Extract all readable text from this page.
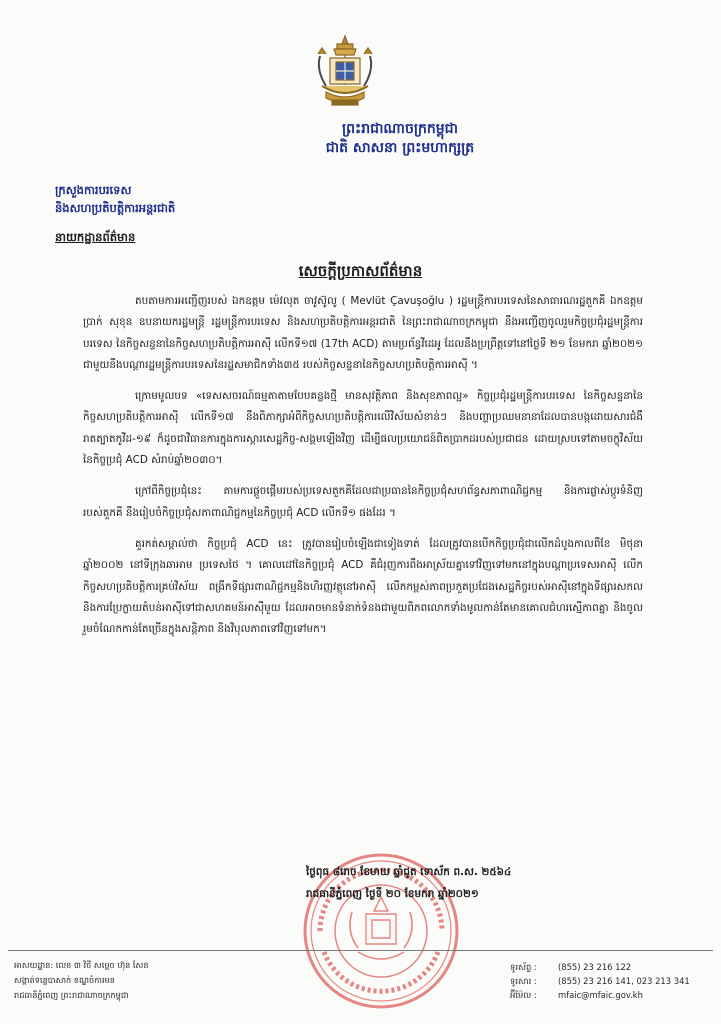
ព្រះរាជាណាចក្រកម្ពុជា
ជាតិ សាសនា ព្រះមហាក្សត្រ
ក្រសួងការបរទេស
និងសហប្រតិបត្តិការអន្តរជាតិ
នាយកដ្ឋានព័ត៌មាន
សេចក្ដីប្រកាសព័ត៌មាន

តបតាមការអញ្ជើញរបស់ ឯកឧត្តម ម៉េវលុត ចាវូស៊ូលូ ( Mevlüt Çavuşoğlu ) រដ្ឋមន្ត្រីការបរទេសនៃសាធារណរដ្ឋតួកគី ឯកឧត្តម ប្រាក់ សុខុន ឧបនាយករដ្ឋមន្ត្រី រដ្ឋមន្ត្រីការបរទេស និងសហប្រតិបត្តិការអន្តរជាតិ នៃព្រះរាជាណាចក្រកម្ពុជា នឹងអញ្ជើញចូលរួមកិច្ចប្រជុំរដ្ឋមន្ត្រីការបរទេស នៃកិច្ចសន្ទនានៃកិច្ចសហប្រតិបត្តិការអាស៊ី លើកទី១៧ (17th ACD) តាមប្រព័ន្ធវីដេអូ ដែលនឹងប្រព្រឹត្តទៅនៅថ្ងៃទី ២១ ខែមករា ឆ្នាំ២០២១ ជាមួយនឹងបណ្ដារដ្ឋមន្ត្រីការបរទេសនៃរដ្ឋសមាជិកទាំង៣៥ របស់កិច្ចសន្ទនានៃកិច្ចសហប្រតិបត្តិការអាស៊ី ។

ក្រោមមូលបទ «ទេសសចរណ៍ធម្មតាតាមបែបគន្លងថ្មី មានសុវត្ថិភាព និងសុខភាពល្អ» កិច្ចប្រជុំរដ្ឋមន្ត្រីការបរទេស នៃកិច្ចសន្ទនានៃកិច្ចសហប្រតិបត្តិការអាស៊ី លើកទី១៧ នឹងពិភាក្សាអំពីកិច្ចសហប្រតិបត្តិការលើវិស័យសំខាន់ៗ និងបញ្ហាប្រឈមនានាដែលបានបង្កដោយសារជំងឺរាតត្បាតកូវីដ-១៩ ក៏ដូចជាវិធានការក្នុងការស្ដារសេដ្ឋកិច្ច-សង្គមឡើងវិញ ដើម្បីផលប្រយោជន៍ពិតប្រាកដរបស់ប្រជាជន ដោយស្របទៅតាមចក្ខុវិស័យនៃកិច្ចប្រជុំ ACD សំរាប់ឆ្នាំ២០៣០។

ក្រៅពីកិច្ចប្រជុំនេះ តាមការផ្ដួចផ្ដើមរបស់ប្រទេសតួកគីដែលជាប្រធាននៃកិច្ចប្រជុំសហព័ន្ធសភាពាណិជ្ជកម្ម និងការផ្លាស់ប្ដូរទំនិញរបស់តួកគី នឹងរៀបចំកិច្ចប្រជុំសភាពាណិជ្ជកម្មនៃកិច្ចប្រជុំ ACD លើកទី១ ផងដែរ ។

គួរកត់សម្គាល់ថា កិច្ចប្រជុំ ACD នេះ ត្រូវបានរៀបចំឡើងជាទៀងទាត់ ដែលត្រូវបានបើកកិច្ចប្រជុំជាលើកដំបូងកាលពីខែ មិថុនា ឆ្នាំ២០០២ នៅទីក្រុងឆាអាម ប្រទេសថៃ ។ គោលដៅនៃកិច្ចប្រជុំ ACD គឺជំរុញការពឹងអាស្រ័យគ្នាទៅវិញទៅមកនៅក្នុងបណ្ដាប្រទេសអាស៊ី លើកកិច្ចសហប្រតិបត្តិការគ្រប់វិស័យ ពង្រីកទីផ្សារពាណិជ្ជកម្មនិងហិរញ្ញវត្ថុនៅអាស៊ី លើកកម្ពស់ភាពប្រកួតប្រជែងសេដ្ឋកិច្ចរបស់អាស៊ីនៅក្នុងទីផ្សារសកល និងការប្រែក្លាយតំបន់អាស៊ីទៅជាសហគមន៍អាស៊ីមួយ ដែលអាចមានទំនាក់ទំនងជាមួយពិភពលោកទាំងមូលកាន់តែមានគោលជំហរស្មើភាពគ្នា និងចូលរួមចំណែកកាន់តែច្រើនក្នុងសន្តិភាព និងវិបុលភាពទៅវិញទៅមក។

ថ្ងៃពុធ ៨រោច ខែមាឃ ឆ្នាំជូត ទោស័ក ព.ស. ២៥៦៤
រាជធានីភ្នំពេញ ថ្ងៃទី ២០ ខែមករា ឆ្នាំ២០២១
អាសយដ្ឋាន: លេខ ៣ វិថី សម្ដេច ហ៊ុន សែន
សង្កាត់ទន្លេបាសាក់ ខណ្ឌចំការមន
រាជធានីភ្នំពេញ ព្រះរាជាណាចក្រកម្ពុជា
ទូរស័ព្ទ :	(855) 23 216 122
ទូរសារ :	(855) 23 216 141, 023 213 341
អ៊ីម៉ែល :	mfaic@mfaic.gov.kh
